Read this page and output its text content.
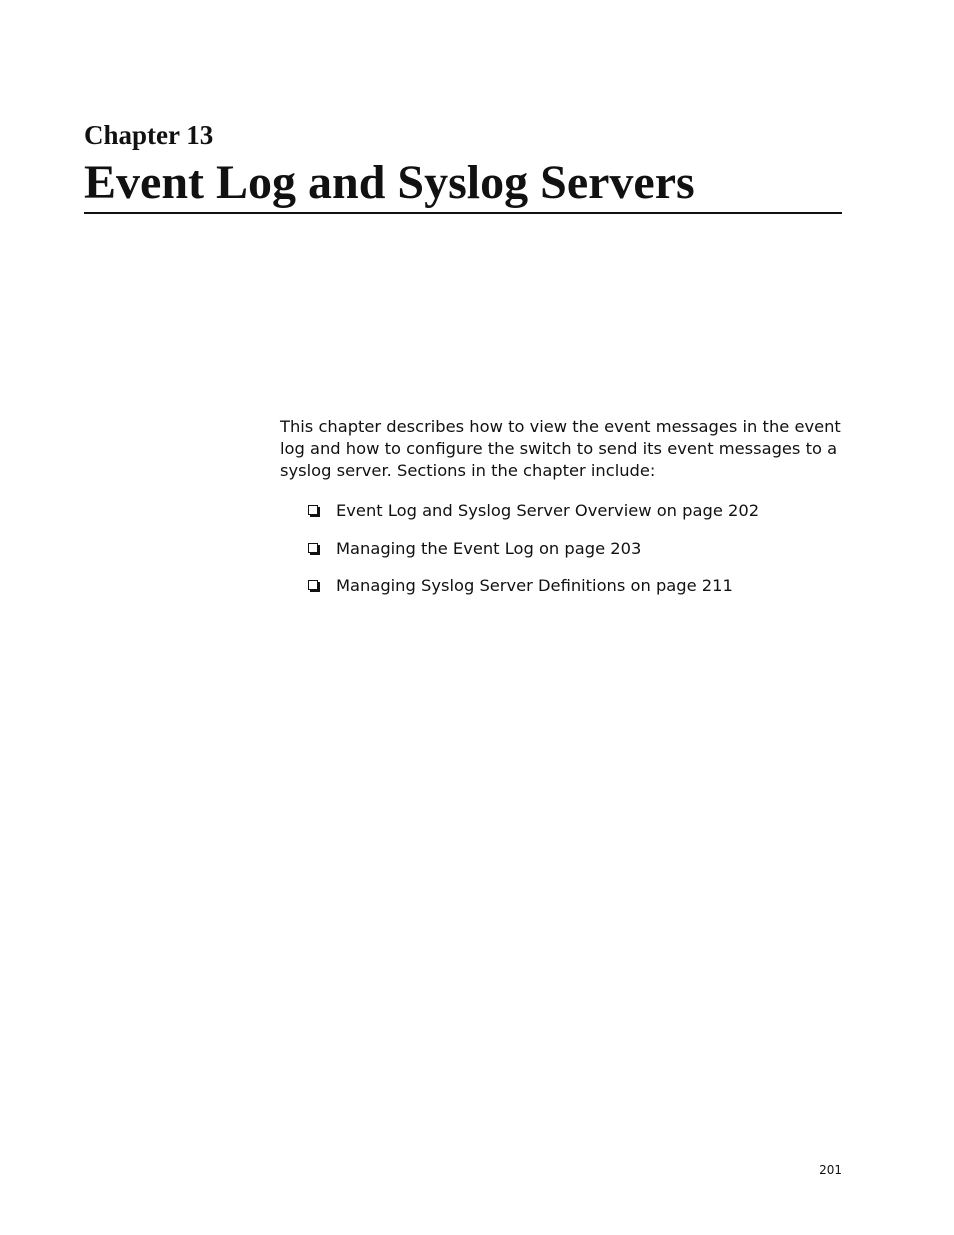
Chapter 13
Event Log and Syslog Servers

This chapter describes how to view the event messages in the event log and how to configure the switch to send its event messages to a syslog server. Sections in the chapter include:

Event Log and Syslog Server Overview on page 202
Managing the Event Log on page 203
Managing Syslog Server Definitions on page 211

201
